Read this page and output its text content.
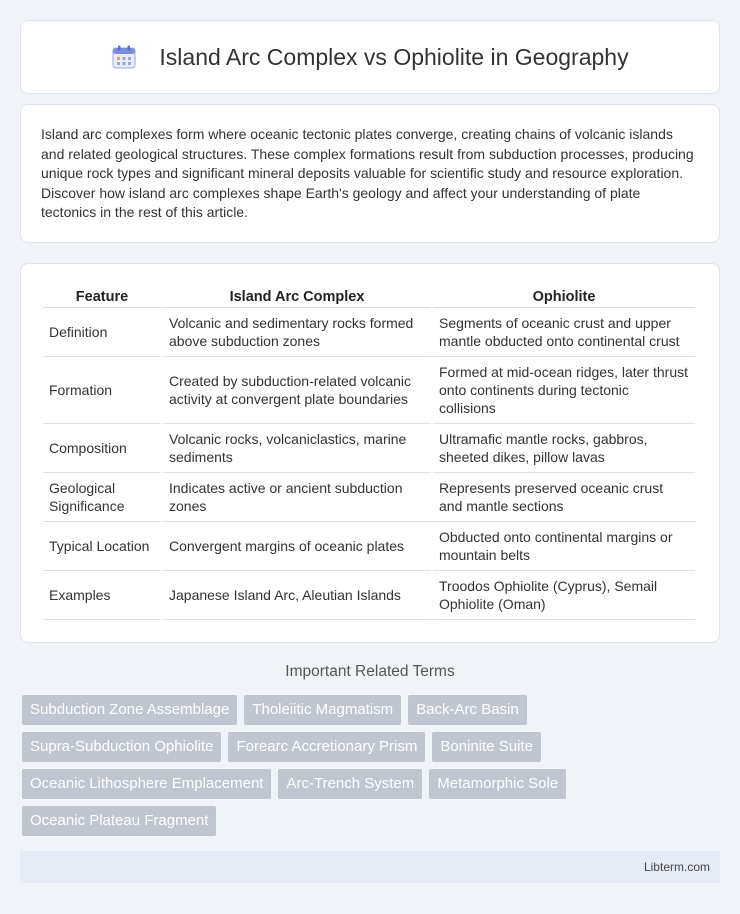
Island Arc Complex vs Ophiolite in Geography

Island arc complexes form where oceanic tectonic plates converge, creating chains of volcanic islands and related geological structures. These complex formations result from subduction processes, producing unique rock types and significant mineral deposits valuable for scientific study and resource exploration. Discover how island arc complexes shape Earth's geology and affect your understanding of plate tectonics in the rest of this article.

Feature	Island Arc Complex	Ophiolite
Definition	Volcanic and sedimentary rocks formed above subduction zones	Segments of oceanic crust and upper mantle obducted onto continental crust
Formation	Created by subduction-related volcanic activity at convergent plate boundaries	Formed at mid-ocean ridges, later thrust onto continents during tectonic collisions
Composition	Volcanic rocks, volcaniclastics, marine sediments	Ultramafic mantle rocks, gabbros, sheeted dikes, pillow lavas
Geological Significance	Indicates active or ancient subduction zones	Represents preserved oceanic crust and mantle sections
Typical Location	Convergent margins of oceanic plates	Obducted onto continental margins or mountain belts
Examples	Japanese Island Arc, Aleutian Islands	Troodos Ophiolite (Cyprus), Semail Ophiolite (Oman)
Important Related Terms
Subduction Zone Assemblage	Tholeiitic Magmatism	Back-Arc Basin
Supra-Subduction Ophiolite	Forearc Accretionary Prism	Boninite Suite
Oceanic Lithosphere Emplacement	Arc-Trench System	Metamorphic Sole
Oceanic Plateau Fragment
Libterm.com
